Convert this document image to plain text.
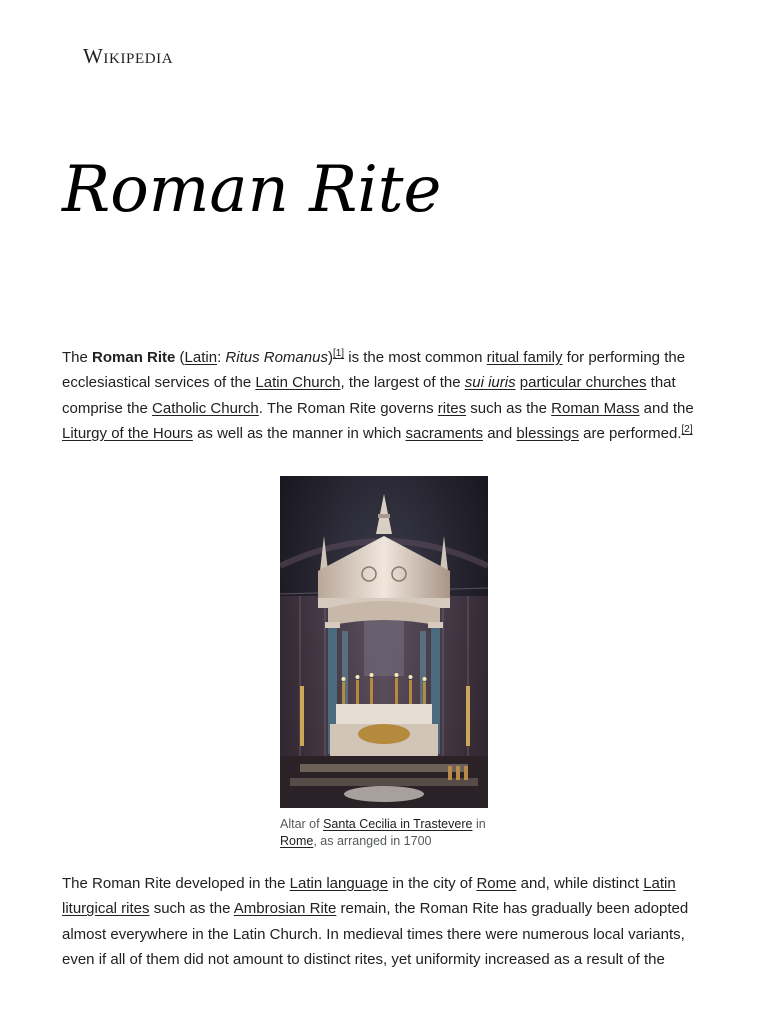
Wikipedia
Roman Rite

The Roman Rite (Latin: Ritus Romanus)[1] is the most common ritual family for performing the ecclesiastical services of the Latin Church, the largest of the sui iuris particular churches that comprise the Catholic Church. The Roman Rite governs rites such as the Roman Mass and the Liturgy of the Hours as well as the manner in which sacraments and blessings are performed.[2]

Altar of Santa Cecilia in Trastevere in Rome, as arranged in 1700

The Roman Rite developed in the Latin language in the city of Rome and, while distinct Latin liturgical rites such as the Ambrosian Rite remain, the Roman Rite has gradually been adopted almost everywhere in the Latin Church. In medieval times there were numerous local variants, even if all of them did not amount to distinct rites, yet uniformity increased as a result of the
